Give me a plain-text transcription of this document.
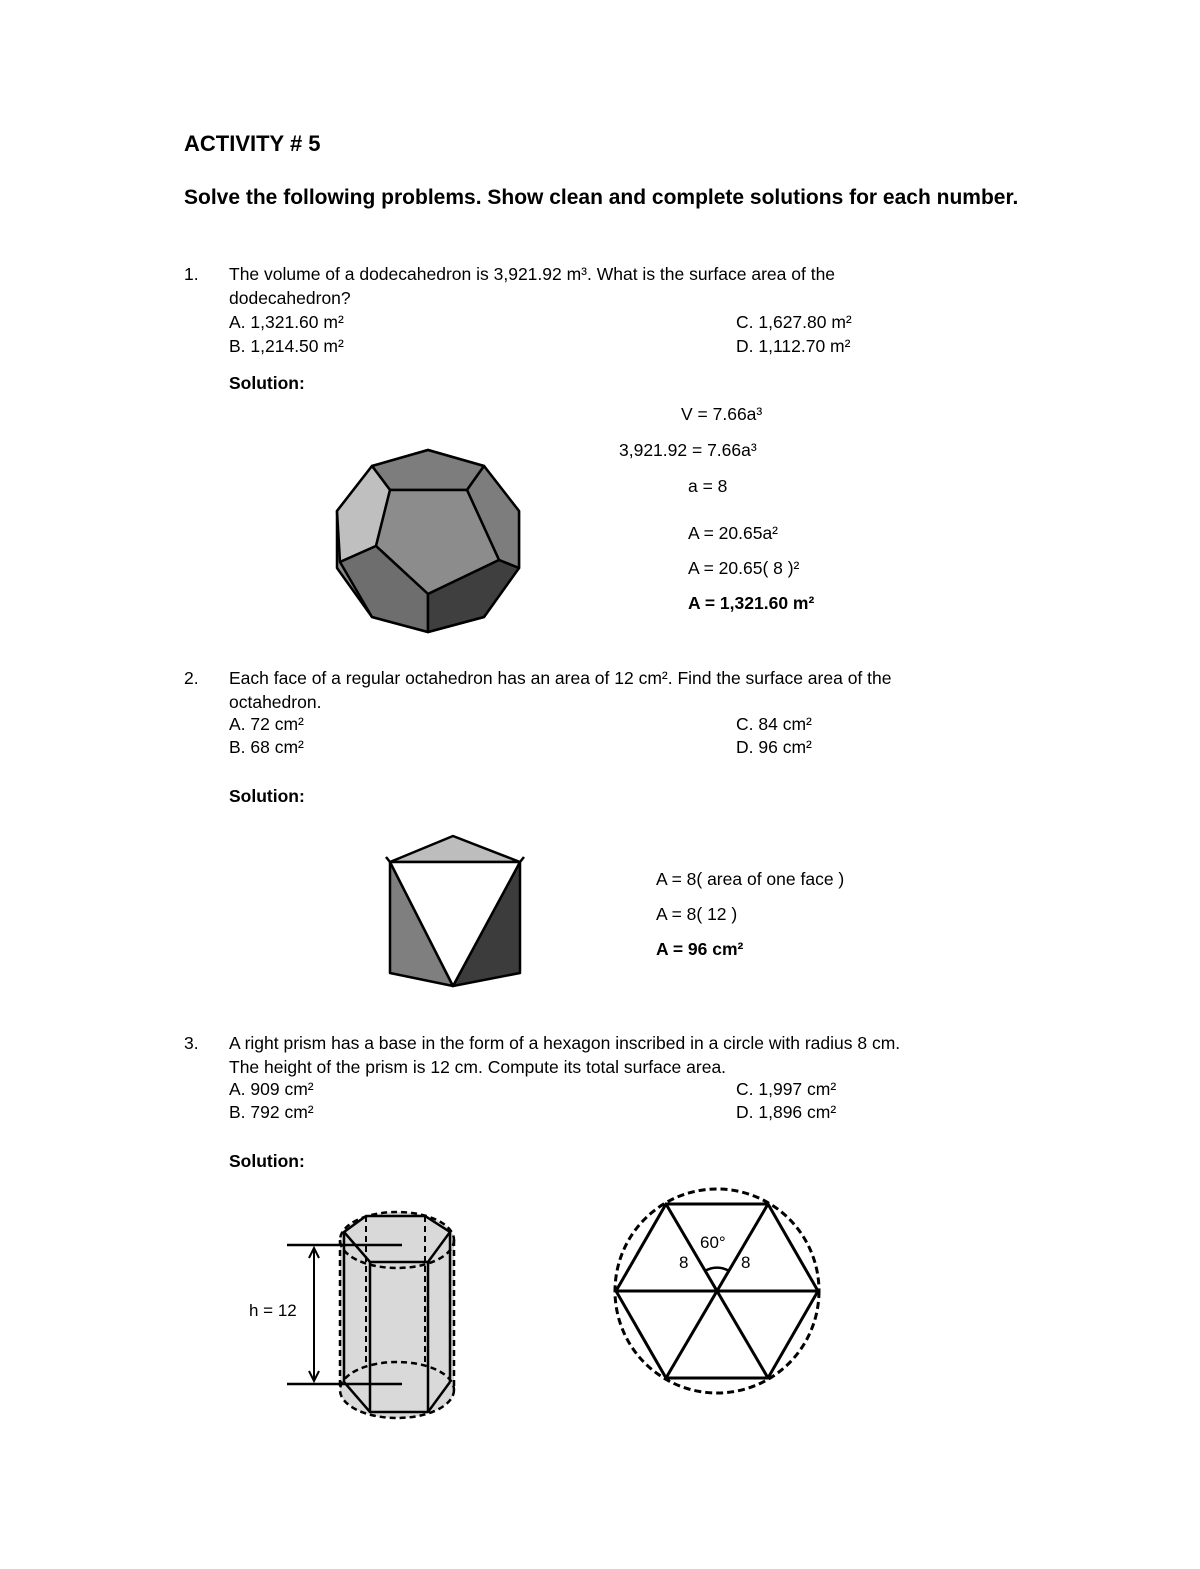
ACTIVITY # 5
Solve the following problems. Show clean and complete solutions for each number.
1. The volume of a dodecahedron is 3,921.92 m³. What is the surface area of the
dodecahedron?
A. 1,321.60 m²
B. 1,214.50 m²
C. 1,627.80 m²
D. 1,112.70 m²
Solution:
V = 7.66a³
3,921.92 = 7.66a³
a = 8
A = 20.65a²
A = 20.65( 8 )²
A = 1,321.60 m²
2. Each face of a regular octahedron has an area of 12 cm². Find the surface area of the
octahedron.
A. 72 cm²
B. 68 cm²
C. 84 cm²
D. 96 cm²
Solution:
A = 8( area of one face )
A = 8( 12 )
A = 96 cm²
3. A right prism has a base in the form of a hexagon inscribed in a circle with radius 8 cm.
The height of the prism is 12 cm. Compute its total surface area.
A. 909 cm²
B. 792 cm²
C. 1,997 cm²
D. 1,896 cm²
Solution:
h = 12
60°
8	8
